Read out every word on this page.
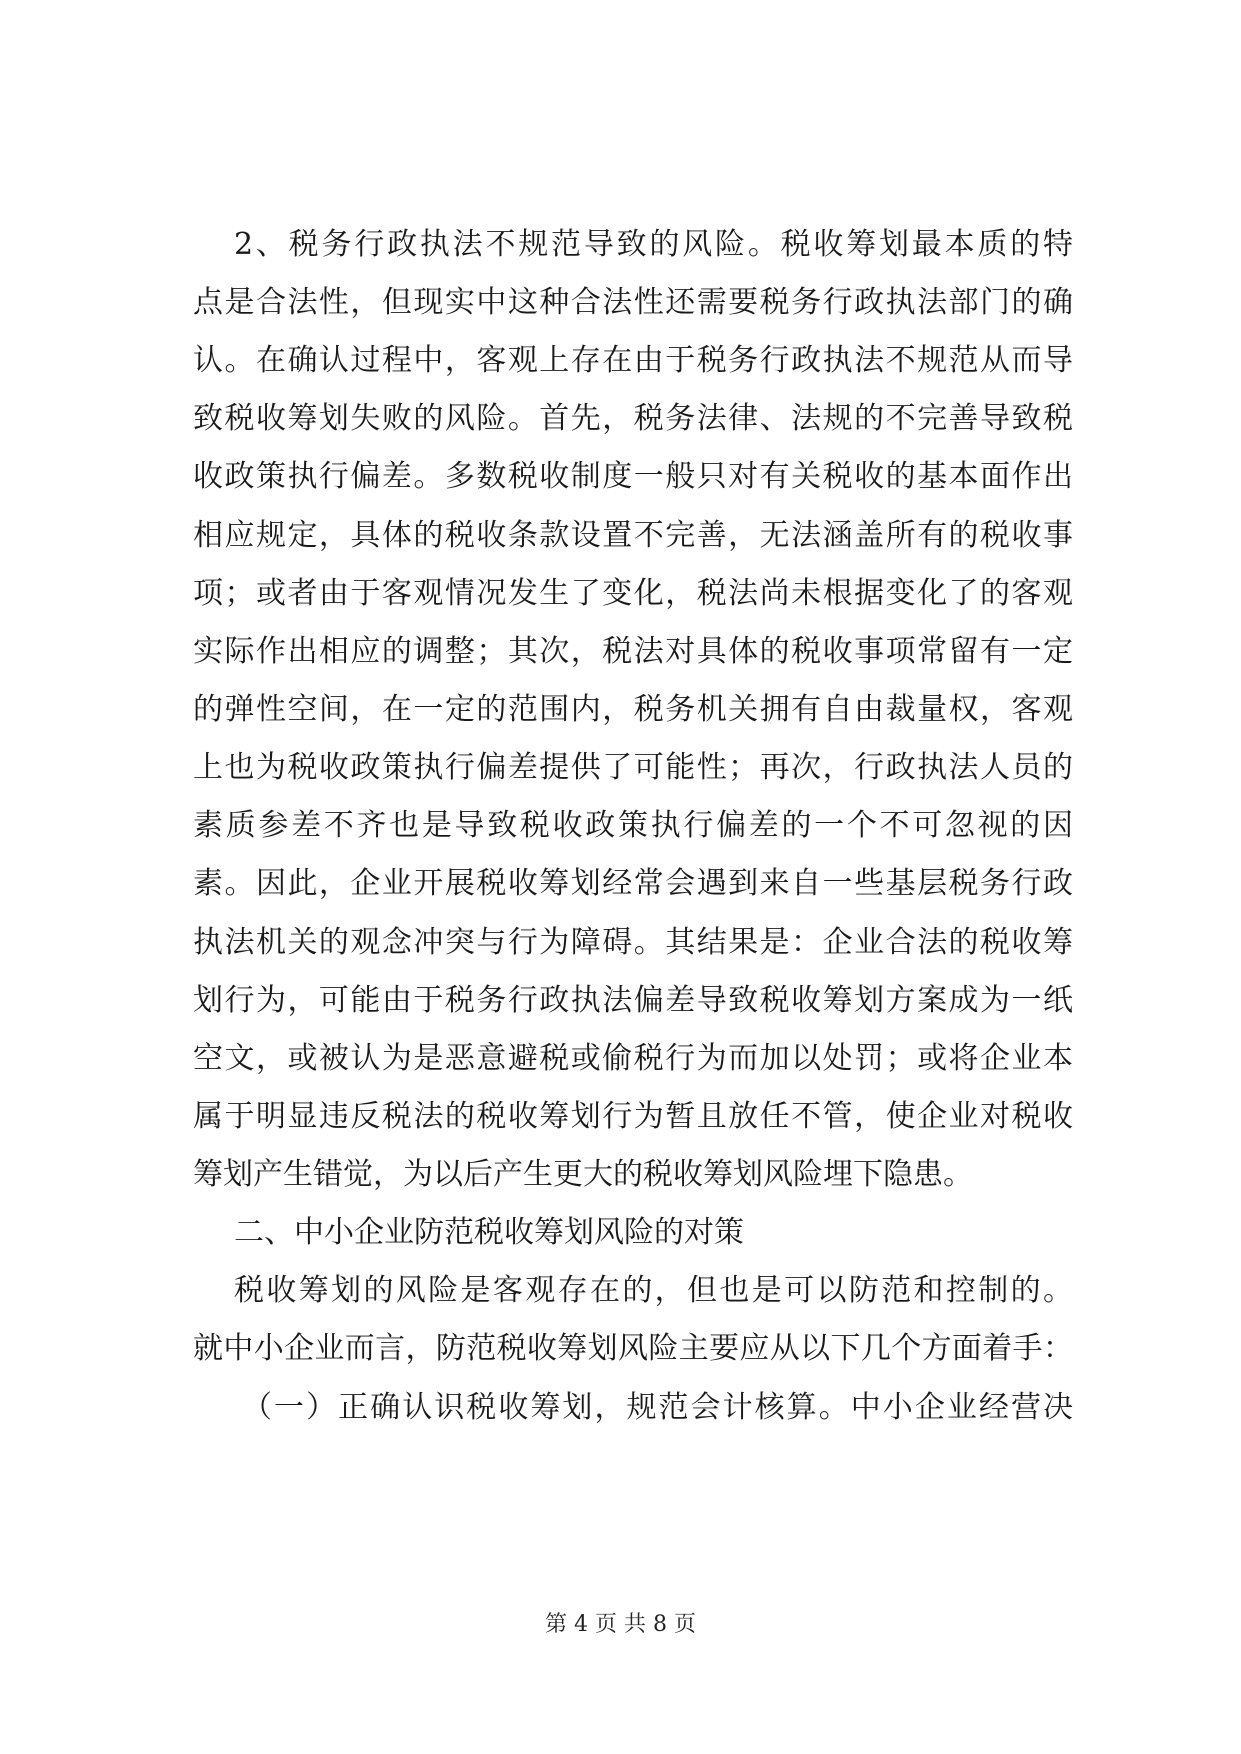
2、税务行政执法不规范导致的风险。税收筹划最本质的特
点是合法性，但现实中这种合法性还需要税务行政执法部门的确
认。在确认过程中，客观上存在由于税务行政执法不规范从而导
致税收筹划失败的风险。首先，税务法律、法规的不完善导致税
收政策执行偏差。多数税收制度一般只对有关税收的基本面作出
相应规定，具体的税收条款设置不完善，无法涵盖所有的税收事
项；或者由于客观情况发生了变化，税法尚未根据变化了的客观
实际作出相应的调整；其次，税法对具体的税收事项常留有一定
的弹性空间，在一定的范围内，税务机关拥有自由裁量权，客观
上也为税收政策执行偏差提供了可能性；再次，行政执法人员的
素质参差不齐也是导致税收政策执行偏差的一个不可忽视的因
素。因此，企业开展税收筹划经常会遇到来自一些基层税务行政
执法机关的观念冲突与行为障碍。其结果是：企业合法的税收筹
划行为，可能由于税务行政执法偏差导致税收筹划方案成为一纸
空文，或被认为是恶意避税或偷税行为而加以处罚；或将企业本
属于明显违反税法的税收筹划行为暂且放任不管，使企业对税收
筹划产生错觉，为以后产生更大的税收筹划风险埋下隐患。
二、中小企业防范税收筹划风险的对策
税收筹划的风险是客观存在的，但也是可以防范和控制的。
就中小企业而言，防范税收筹划风险主要应从以下几个方面着手：
（一）正确认识税收筹划，规范会计核算。中小企业经营决
第 4 页 共 8 页
